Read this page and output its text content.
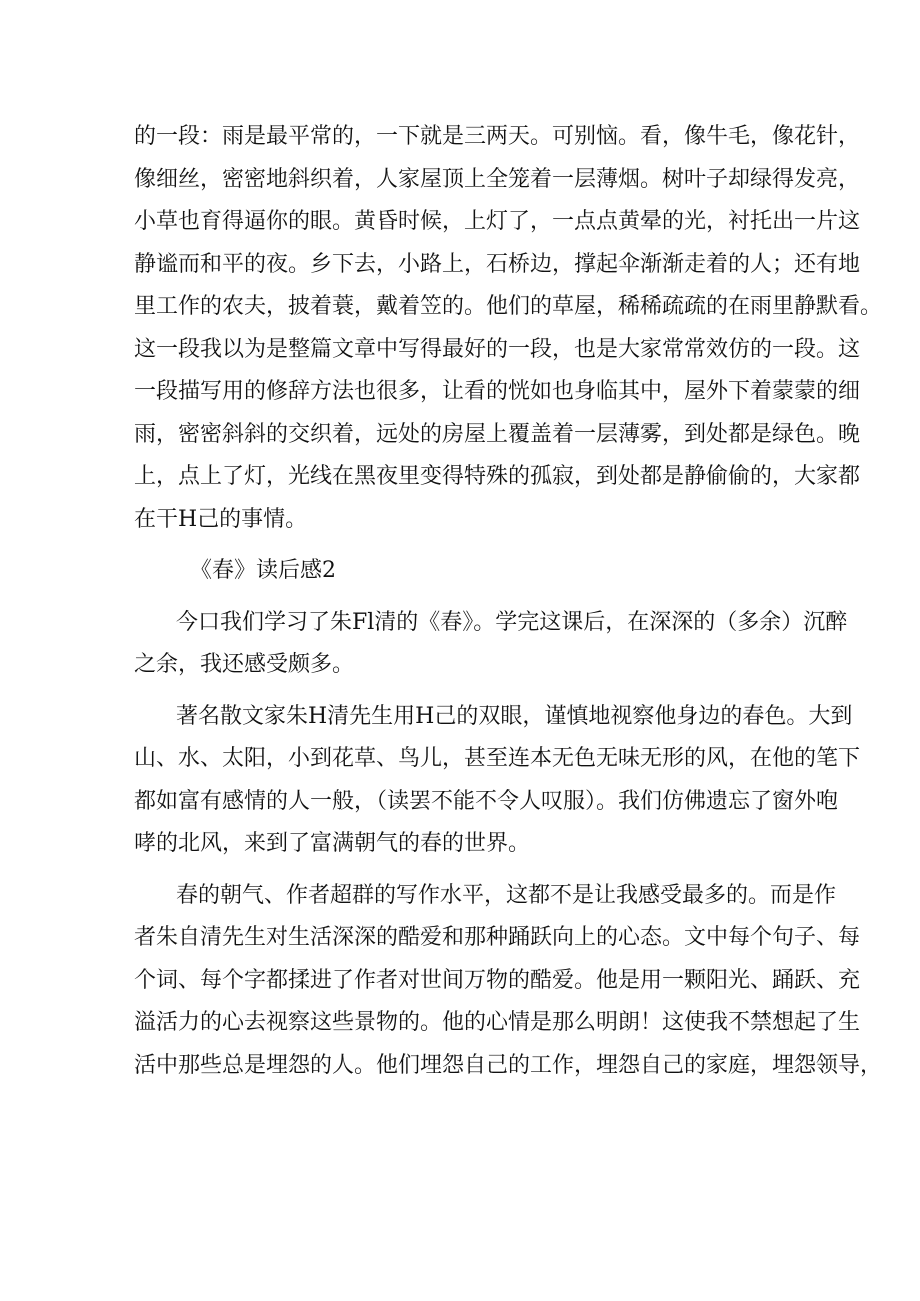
的一段：雨是最平常的，一下就是三两天。可别恼。看，像牛毛，像花针，
像细丝，密密地斜织着，人家屋顶上全笼着一层薄烟。树叶子却绿得发亮，
小草也育得逼你的眼。黄昏时候，上灯了，一点点黄晕的光，衬托出一片这
静谧而和平的夜。乡下去，小路上，石桥边，撑起伞渐渐走着的人；还有地
里工作的农夫，披着蓑，戴着笠的。他们的草屋，稀稀疏疏的在雨里静默看。
这一段我以为是整篇文章中写得最好的一段，也是大家常常效仿的一段。这
一段描写用的修辞方法也很多，让看的恍如也身临其中，屋外下着蒙蒙的细
雨，密密斜斜的交织着，远处的房屋上覆盖着一层薄雾，到处都是绿色。晚
上，点上了灯，光线在黑夜里变得特殊的孤寂，到处都是静偷偷的，大家都
在干H己的事情。
《春》读后感2
今口我们学习了朱Fl清的《春》。学完这课后，在深深的（多余）沉醉
之余，我还感受颇多。
著名散文家朱H清先生用H己的双眼，谨慎地视察他身边的春色。大到
山、水、太阳，小到花草、鸟儿，甚至连本无色无味无形的风，在他的笔下
都如富有感情的人一般，（读罢不能不令人叹服）。我们仿佛遗忘了窗外咆
哮的北风，来到了富满朝气的春的世界。
春的朝气、作者超群的写作水平，这都不是让我感受最多的。而是作
者朱自清先生对生活深深的酷爱和那种踊跃向上的心态。文中每个句子、每
个词、每个字都揉进了作者对世间万物的酷爱。他是用一颗阳光、踊跃、充
溢活力的心去视察这些景物的。他的心情是那么明朗！这使我不禁想起了生
活中那些总是埋怨的人。他们埋怨自己的工作，埋怨自己的家庭，埋怨领导，
